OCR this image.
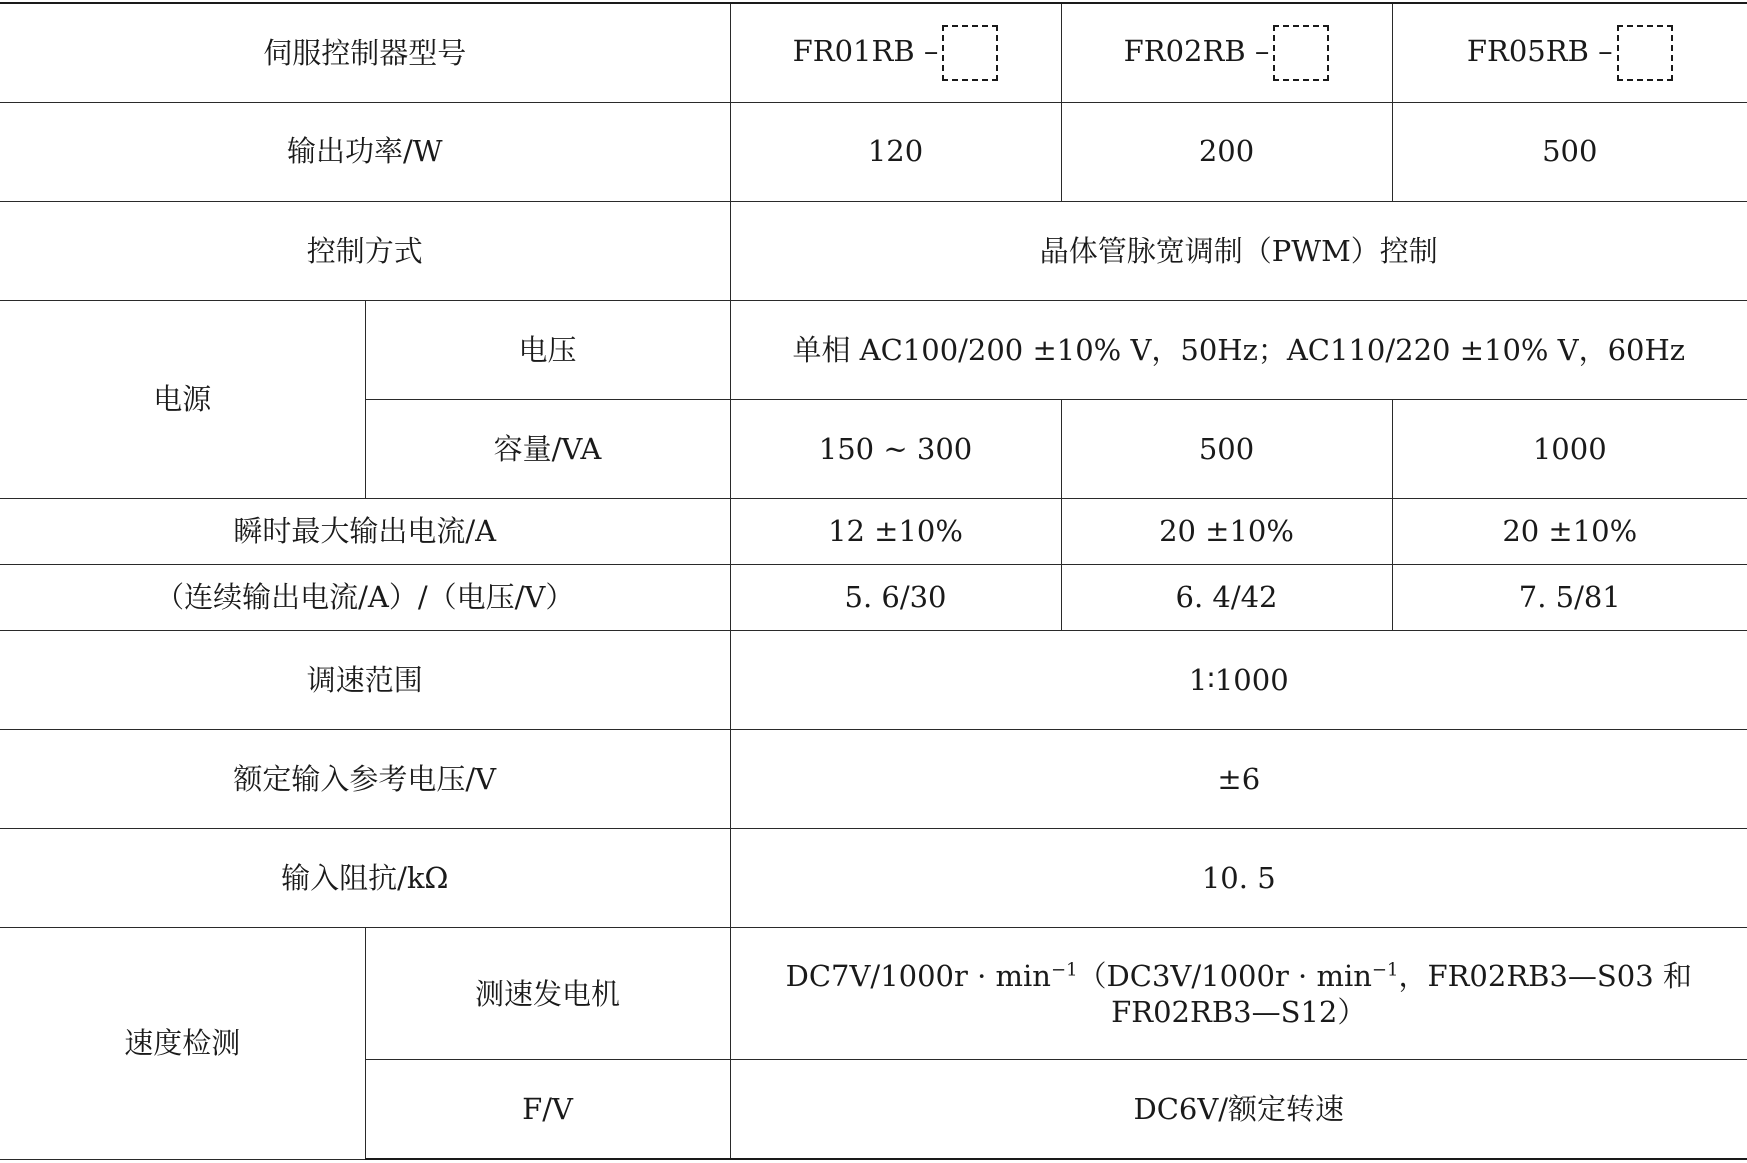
伺服控制器型号		FR01RB –	FR02RB –	FR05RB –
输出功率/W		120	200	500
控制方式		晶体管脉宽调制（PWM）控制		
电源	电压	单相 AC100/200 ±10% V，50Hz；AC110/220 ±10% V，60Hz		
	容量/VA	150 ~ 300	500	1000
瞬时最大输出电流/A		12 ±10%	20 ±10%	20 ±10%
（连续输出电流/A）/（电压/V）		5. 6/30	6. 4/42	7. 5/81
调速范围		1∶1000		
额定输入参考电压/V		±6		
输入阻抗/kΩ		10. 5		
速度检测	测速发电机	$DC7V/1000r \cdot \min^{-1}(DC3V/1000r \cdot \min^{-1}$，FR02RB3—S03 和
FR02RB3—S12）		
	F/V	DC6V/额定转速		
